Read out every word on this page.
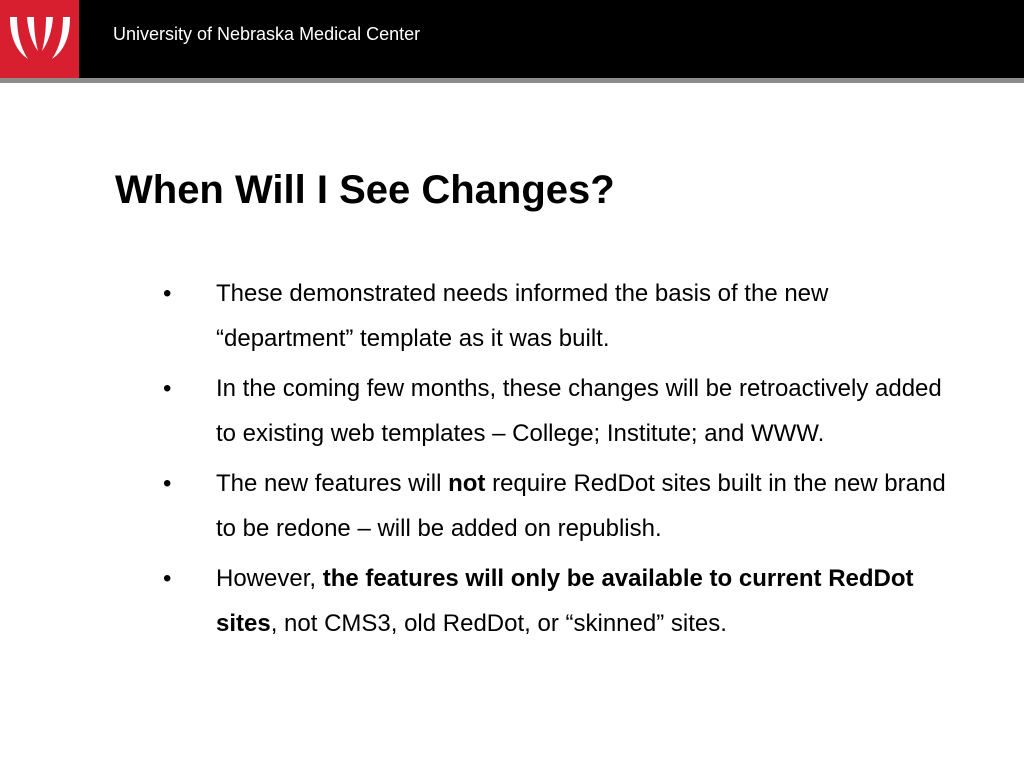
University of Nebraska Medical Center
When Will I See Changes?
•	These demonstrated needs informed the basis of the new “department” template as it was built.
•	In the coming few months, these changes will be retroactively added to existing web templates – College; Institute; and WWW.
•	The new features will not require RedDot sites built in the new brand to be redone – will be added on republish.
•	However, the features will only be available to current RedDot sites, not CMS3, old RedDot, or “skinned” sites.
